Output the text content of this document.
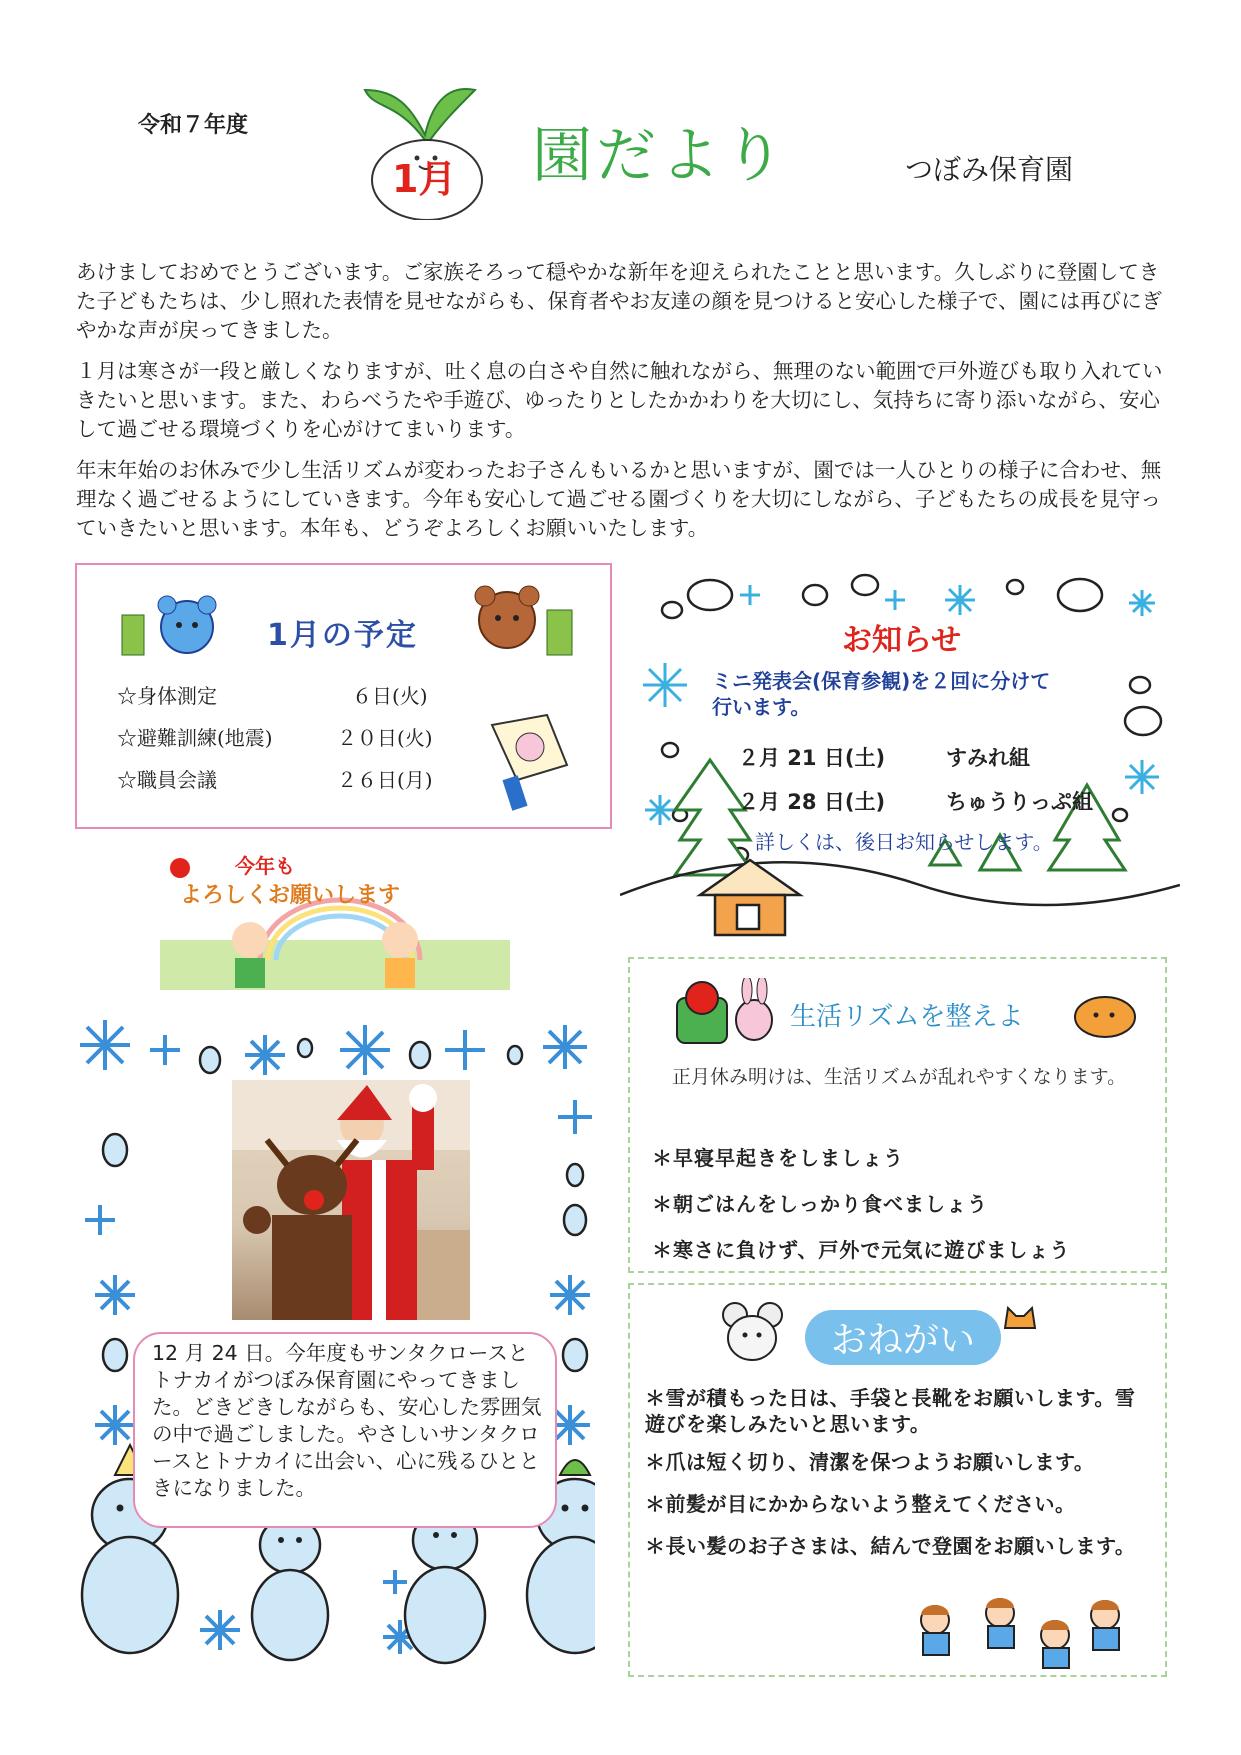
令和７年度
1月 園だより	つぼみ保育園

あけましておめでとうございます。ご家族そろって穏やかな新年を迎えられたことと思います。久しぶりに登園してきた子どもたちは、少し照れた表情を見せながらも、保育者やお友達の顔を見つけると安心した様子で、園には再びにぎやかな声が戻ってきました。

１月は寒さが一段と厳しくなりますが、吐く息の白さや自然に触れながら、無理のない範囲で戸外遊びも取り入れていきたいと思います。また、わらべうたや手遊び、ゆったりとしたかかわりを大切にし、気持ちに寄り添いながら、安心して過ごせる環境づくりを心がけてまいります。

年末年始のお休みで少し生活リズムが変わったお子さんもいるかと思いますが、園では一人ひとりの様子に合わせ、無理なく過ごせるようにしていきます。今年も安心して過ごせる園づくりを大切にしながら、子どもたちの成長を見守っていきたいと思います。本年も、どうぞよろしくお願いいたします。

1月の予定
☆身体測定	６日(火)
☆避難訓練(地震)	２０日(火)
☆職員会議	２６日(月)
今年も
よろしくお願いします
お知らせ
ミニ発表会(保育参観)を２回に分けて
行います。
２月 21 日(土)	すみれ組
２月 28 日(土)	ちゅうりっぷ組
詳しくは、後日お知らせします。
12 月 24 日。今年度もサンタクロースとトナカイがつぼみ保育園にやってきました。どきどきしながらも、安心した雰囲気の中で過ごしました。やさしいサンタクロースとトナカイに出会い、心に残るひとときになりました。
生活リズムを整えよ
正月休み明けは、生活リズムが乱れやすくなります。
＊早寝早起きをしましょう
＊朝ごはんをしっかり食べましょう
＊寒さに負けず、戸外で元気に遊びましょう
おねがい
＊雪が積もった日は、手袋と長靴をお願いします。雪遊びを楽しみたいと思います。
＊爪は短く切り、清潔を保つようお願いします。
＊前髪が目にかからないよう整えてください。
＊長い髪のお子さまは、結んで登園をお願いします。
